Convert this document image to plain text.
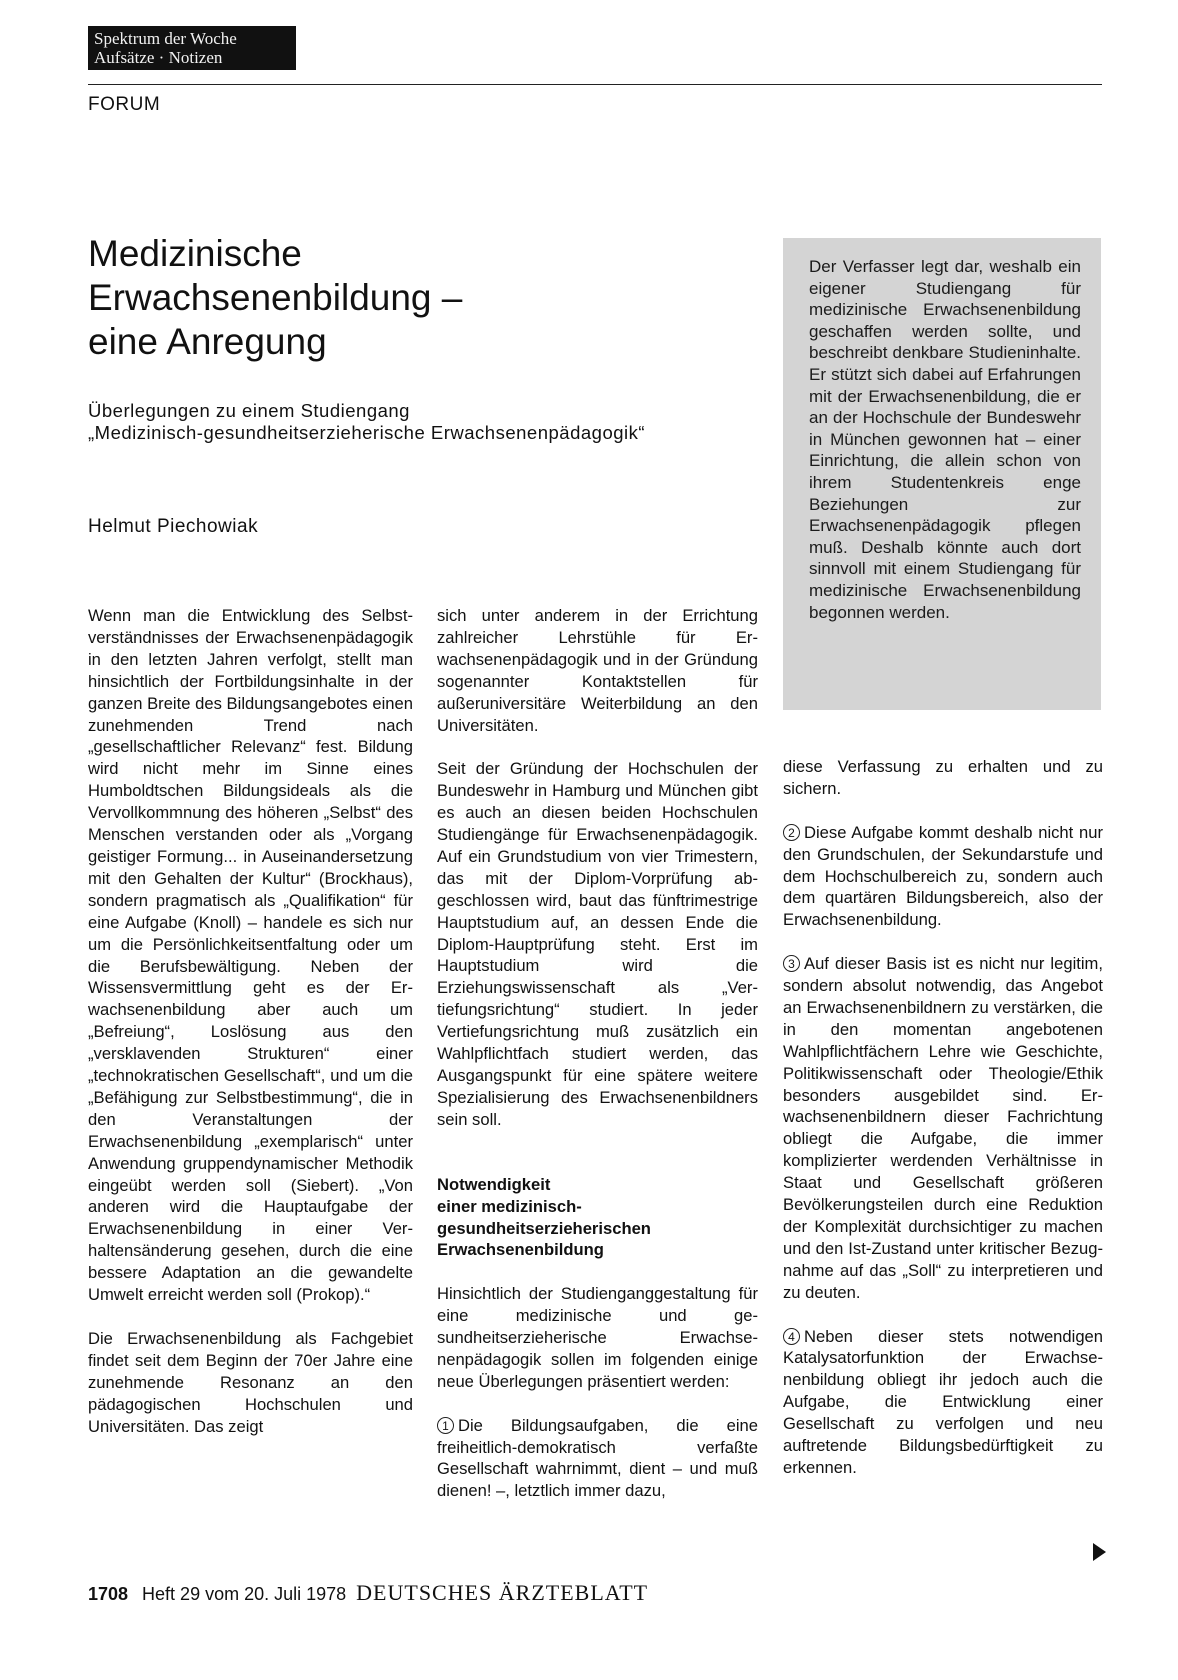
Spektrum der Woche
Aufsätze · Notizen
FORUM
Medizinische
Erwachsenenbildung –
eine Anregung
Überlegungen zu einem Studiengang
„Medizinisch-gesundheitserzieherische Erwachsenenpädagogik“
Helmut Piechowiak
Der Verfasser legt dar, weshalb ein eigener Studiengang für medizinische Erwachsenenbildung geschaffen werden sollte, und beschreibt denkbare Studieninhalte. Er stützt sich dabei auf Erfahrungen mit der Erwachsenenbildung, die er an der Hochschule der Bundeswehr in München gewonnen hat – einer Einrichtung, die allein schon von ihrem Studentenkreis enge Beziehungen zur Erwachsenenpädagogik pflegen muß. Deshalb könnte auch dort sinnvoll mit einem Studiengang für medizinische Erwachsenenbildung begonnen werden.

Wenn man die Entwicklung des Selbstverständnisses der Erwachsenenpädagogik in den letzten Jahren verfolgt, stellt man hinsichtlich der Fortbildungsinhalte in der ganzen Breite des Bildungsangebotes einen zunehmenden Trend nach „gesellschaftlicher Relevanz“ fest. Bildung wird nicht mehr im Sinne eines Humboldtschen Bildungsideals als die Vervollkommnung des höheren „Selbst“ des Menschen verstanden oder als „Vorgang geistiger Formung... in Auseinandersetzung mit den Gehalten der Kultur“ (Brockhaus), sondern pragmatisch als „Qualifikation“ für eine Aufgabe (Knoll) – handele es sich nur um die Persönlichkeitsentfaltung oder um die Berufsbewältigung. Neben der Wissensvermittlung geht es der Erwachsenenbildung aber auch um „Befreiung“, Loslösung aus den „versklavenden Strukturen“ einer „technokratischen Gesellschaft“, und um die „Befähigung zur Selbstbestimmung“, die in den Veranstaltungen der Erwachsenenbildung „exemplarisch“ unter Anwendung gruppendynamischer Methodik eingeübt werden soll (Siebert). „Von anderen wird die Hauptaufgabe der Erwachsenenbildung in einer Verhaltensänderung gesehen, durch die eine bessere Adaptation an die gewandelte Umwelt erreicht werden soll (Prokop).“

Die Erwachsenenbildung als Fachgebiet findet seit dem Beginn der 70er Jahre eine zunehmende Resonanz an den pädagogischen Hochschulen und Universitäten. Das zeigt

sich unter anderem in der Errichtung zahlreicher Lehrstühle für Erwachsenenpädagogik und in der Gründung sogenannter Kontaktstellen für außeruniversitäre Weiterbildung an den Universitäten.

Seit der Gründung der Hochschulen der Bundeswehr in Hamburg und München gibt es auch an diesen beiden Hochschulen Studiengänge für Erwachsenenpädagogik. Auf ein Grundstudium von vier Trimestern, das mit der Diplom-Vorprüfung abgeschlossen wird, baut das fünftrimestrige Hauptstudium auf, an dessen Ende die Diplom-Hauptprüfung steht. Erst im Hauptstudium wird die Erziehungswissenschaft als „Vertiefungsrichtung“ studiert. In jeder Vertiefungsrichtung muß zusätzlich ein Wahlpflichtfach studiert werden, das Ausgangspunkt für eine spätere weitere Spezialisierung des Erwachsenenbildners sein soll.

Notwendigkeit
einer medizinisch-
gesundheitserzieherischen
Erwachsenenbildung

Hinsichtlich der Studienganggestaltung für eine medizinische und gesundheitserzieherische Erwachsenenpädagogik sollen im folgenden einige neue Überlegungen präsentiert werden:

1 Die Bildungsaufgaben, die eine freiheitlich-demokratisch verfaßte Gesellschaft wahrnimmt, dient – und muß dienen! –, letztlich immer dazu,

diese Verfassung zu erhalten und zu sichern.

2 Diese Aufgabe kommt deshalb nicht nur den Grundschulen, der Sekundarstufe und dem Hochschulbereich zu, sondern auch dem quartären Bildungsbereich, also der Erwachsenenbildung.

3 Auf dieser Basis ist es nicht nur legitim, sondern absolut notwendig, das Angebot an Erwachsenenbildnern zu verstärken, die in den momentan angebotenen Wahlpflichtfächern Lehre wie Geschichte, Politikwissenschaft oder Theologie/Ethik besonders ausgebildet sind. Erwachsenenbildnern dieser Fachrichtung obliegt die Aufgabe, die immer komplizierter werdenden Verhältnisse in Staat und Gesellschaft größeren Bevölkerungsteilen durch eine Reduktion der Komplexität durchsichtiger zu machen und den Ist-Zustand unter kritischer Bezugnahme auf das „Soll“ zu interpretieren und zu deuten.

4 Neben dieser stets notwendigen Katalysatorfunktion der Erwachsenenbildung obliegt ihr jedoch auch die Aufgabe, die Entwicklung einer Gesellschaft zu verfolgen und neu auftretende Bildungsbedürftigkeit zu erkennen.

1708 Heft 29 vom 20. Juli 1978 DEUTSCHES ÄRZTEBLATT
